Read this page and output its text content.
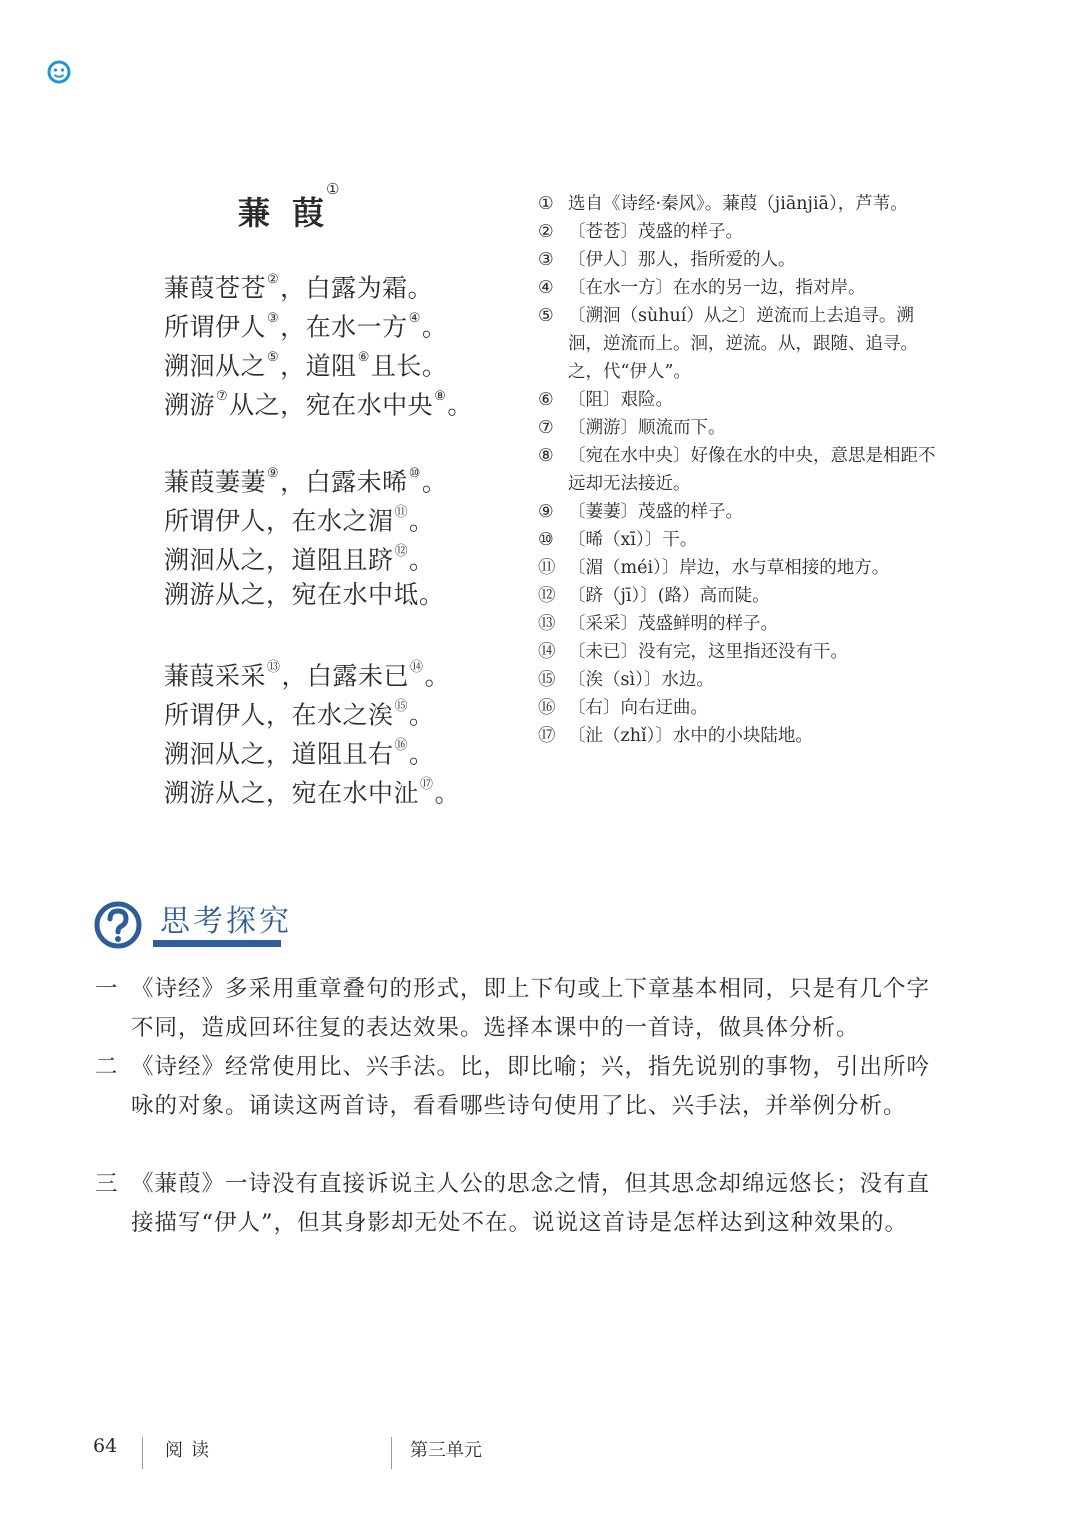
蒹葭①
蒹葭苍苍②，白露为霜。
所谓伊人③，在水一方④。
溯洄从之⑤，道阻⑥且长。
溯游⑦从之，宛在水中央⑧。
蒹葭萋萋⑨，白露未晞⑩。
所谓伊人，在水之湄⑪。
溯洄从之，道阻且跻⑫。
溯游从之，宛在水中坻。
蒹葭采采⑬，白露未已⑭。
所谓伊人，在水之涘⑮。
溯洄从之，道阻且右⑯。
溯游从之，宛在水中沚⑰。
① 选自《诗经·秦风》。蒹葭（jiānjiā），芦苇。
② 〔苍苍〕茂盛的样子。
③ 〔伊人〕那人，指所爱的人。
④ 〔在水一方〕在水的另一边，指对岸。
⑤ 〔溯洄（sùhuí）从之〕逆流而上去追寻。溯洄，逆流而上。洄，逆流。从，跟随、追寻。之，代“伊人”。
⑥ 〔阻〕艰险。
⑦ 〔溯游〕顺流而下。
⑧ 〔宛在水中央〕好像在水的中央，意思是相距不远却无法接近。
⑨ 〔萋萋〕茂盛的样子。
⑩ 〔晞（xī）〕干。
⑪ 〔湄（méi）〕岸边，水与草相接的地方。
⑫ 〔跻（jī）〕(路）高而陡。
⑬ 〔采采〕茂盛鲜明的样子。
⑭ 〔未已〕没有完，这里指还没有干。
⑮ 〔涘（sì）〕水边。
⑯ 〔右〕向右迂曲。
⑰ 〔沚（zhǐ）〕水中的小块陆地。
思考探究
一 《诗经》多采用重章叠句的形式，即上下句或上下章基本相同，只是有几个字不同，造成回环往复的表达效果。选择本课中的一首诗，做具体分析。
二 《诗经》经常使用比、兴手法。比，即比喻；兴，指先说别的事物，引出所吟咏的对象。诵读这两首诗，看看哪些诗句使用了比、兴手法，并举例分析。
三 《蒹葭》一诗没有直接诉说主人公的思念之情，但其思念却绵远悠长；没有直接描写“伊人”，但其身影却无处不在。说说这首诗是怎样达到这种效果的。
64	阅读	第三单元
